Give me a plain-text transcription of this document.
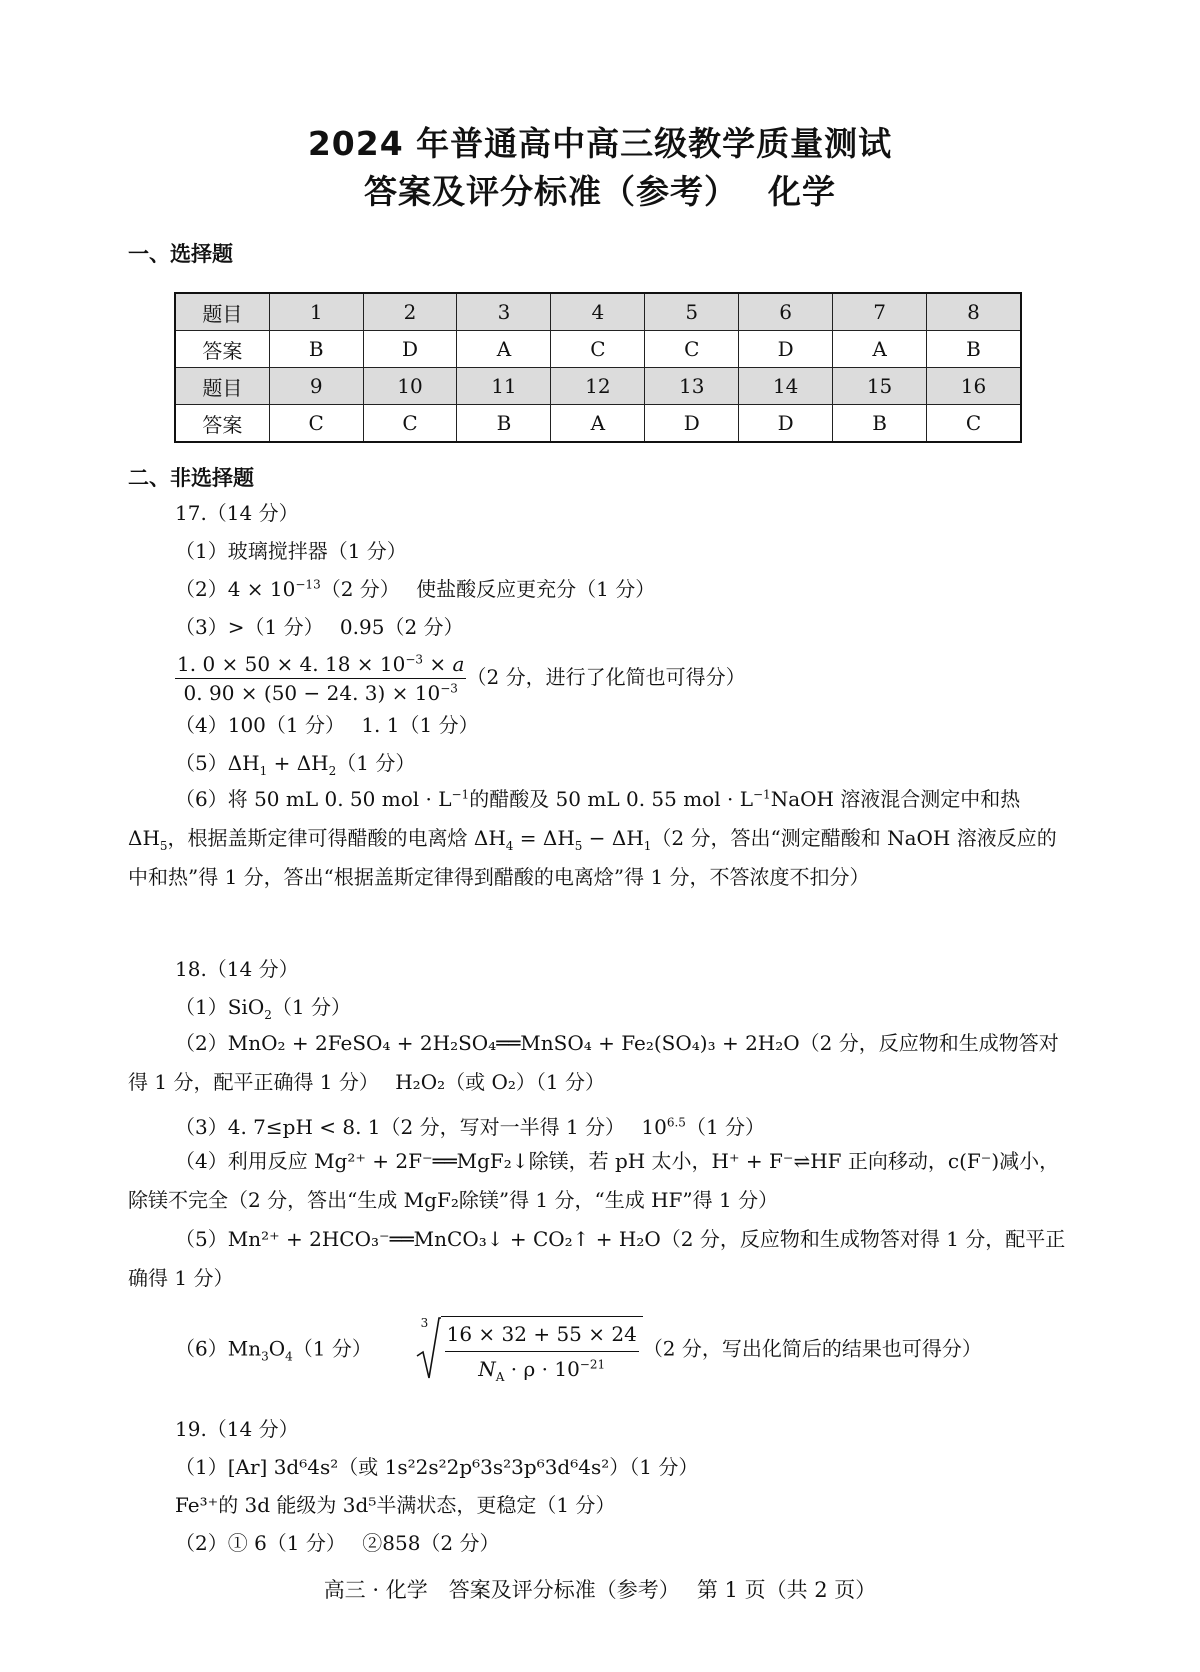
2024 年普通高中高三级教学质量测试
答案及评分标准（参考）　 化学
一、选择题
题目	1	2	3	4	5	6	7	8
答案	B	D	A	C	C	D	A	B
题目	9	10	11	12	13	14	15	16
答案	C	C	B	A	D	D	B	C
二、非选择题
17.（14 分）
（1）玻璃搅拌器（1 分）
$(2)4 \times 10^{-13}(2$ 分）　 使盐酸反应更充分（1 分）
（3）>（1 分）　 0.95（2 分）
$\frac{1. 0 \times 50 \times 4. 18 \times 10^{-3} \times a}{0. 90 \times (50 - 24. 3) \times 10^{-3}} (2$ 分，进行了化简也可得分）
（4）100（1 分）　 1. 1（1 分）
$(5)\Delta H_1 + \Delta H_2(1$ 分）
（6）将 50 mL 0. 50 mol · $L^{-1}$的醋酸及 50 mL 0. 55 mol · $L^{-1}NaOH$ 溶液混合测定中和热 $\Delta H_5$，根据盖斯定律可得醋酸的电离焓 $\Delta H_4 = \Delta H_5 - \Delta H_1(2$ 分，答出“测定醋酸和 NaOH 溶液反应的中和热”得 1 分，答出“根据盖斯定律得到醋酸的电离焓”得 1 分，不答浓度不扣分）
18.（14 分）
（1）SiO$_2$（1 分）
（2）MnO₂ + 2FeSO₄ + 2H₂SO₄══MnSO₄ + Fe₂(SO₄)₃ + 2H₂O（2 分，反应物和生成物答对得 1 分，配平正确得 1 分）　 H₂O₂（或 O₂）（1 分）
（3）4. 7≤pH < 8. 1（2 分，写对一半得 1 分）　 $10^{6.5}(1$ 分）
（4）利用反应 Mg²⁺ + 2F⁻══MgF₂↓除镁，若 pH 太小，H⁺ + F⁻⇌HF 正向移动，c(F⁻)减小，除镁不完全（2 分，答出“生成 MgF₂除镁”得 1 分，“生成 HF”得 1 分）
（5）Mn²⁺ + 2HCO₃⁻══MnCO₃↓ + CO₂↑ + H₂O（2 分，反应物和生成物答对得 1 分，配平正确得 1 分）
$(6)Mn_3O_4(1$ 分）
$3 \frac{16 \times 32 + 55 \times 24}{N_A \cdot \rho \cdot 10^{-21}} (2$ 分，写出化简后的结果也可得分）
19.（14 分）
（1）[Ar] 3d⁶4s²（或 1s²2s²2p⁶3s²3p⁶3d⁶4s²）（1 分）
Fe³⁺的 3d 能级为 3d⁵半满状态，更稳定（1 分）
（2）① 6（1 分）　 ②858（2 分）
高三 · 化学　答案及评分标准（参考）　 第 1 页（共 2 页）
